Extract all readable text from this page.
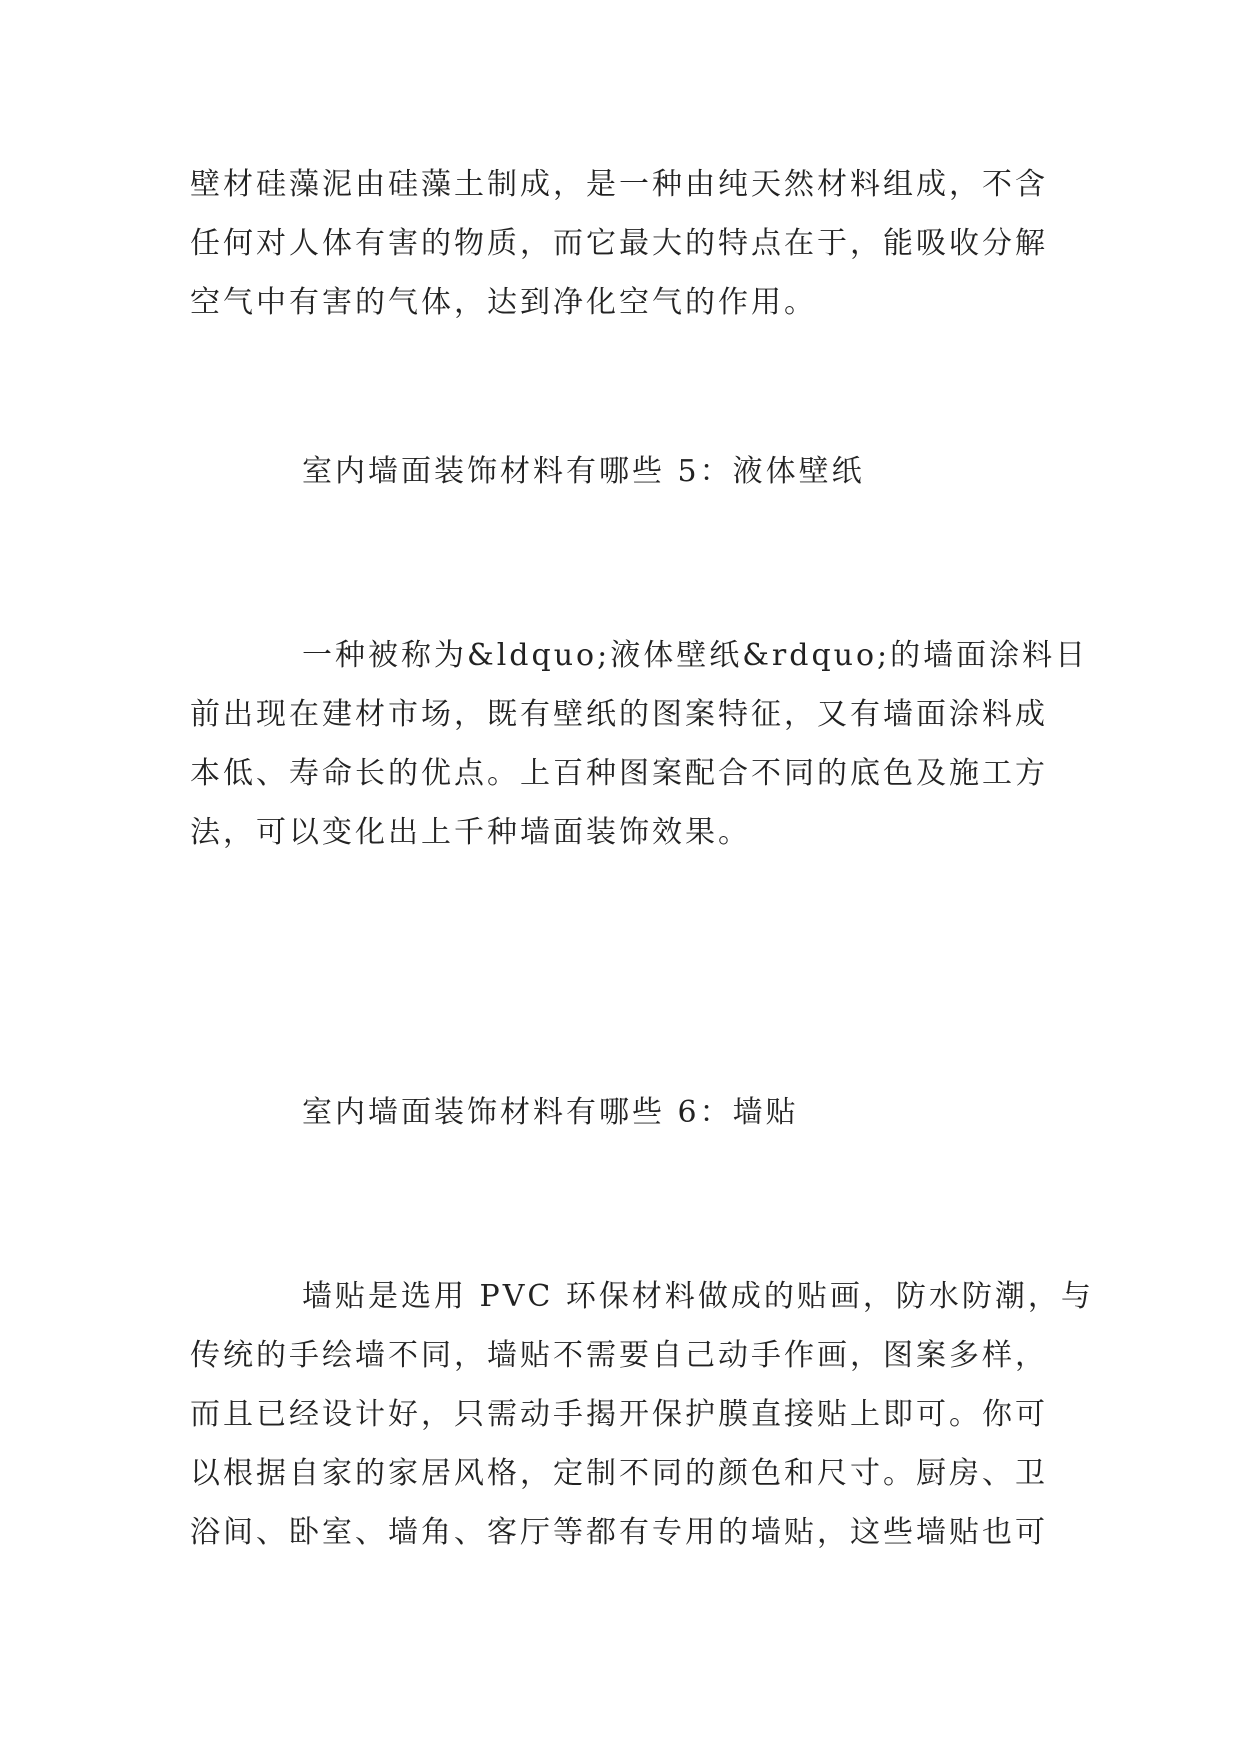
壁材硅藻泥由硅藻土制成，是一种由纯天然材料组成，不含
任何对人体有害的物质，而它最大的特点在于，能吸收分解
空气中有害的气体，达到净化空气的作用。

室内墙面装饰材料有哪些 5：液体壁纸

一种被称为&ldquo;液体壁纸&rdquo;的墙面涂料日
前出现在建材市场，既有壁纸的图案特征，又有墙面涂料成
本低、寿命长的优点。上百种图案配合不同的底色及施工方
法，可以变化出上千种墙面装饰效果。

室内墙面装饰材料有哪些 6：墙贴

墙贴是选用 PVC 环保材料做成的贴画，防水防潮，与
传统的手绘墙不同，墙贴不需要自己动手作画，图案多样，
而且已经设计好，只需动手揭开保护膜直接贴上即可。你可
以根据自家的家居风格，定制不同的颜色和尺寸。厨房、卫
浴间、卧室、墙角、客厅等都有专用的墙贴，这些墙贴也可
